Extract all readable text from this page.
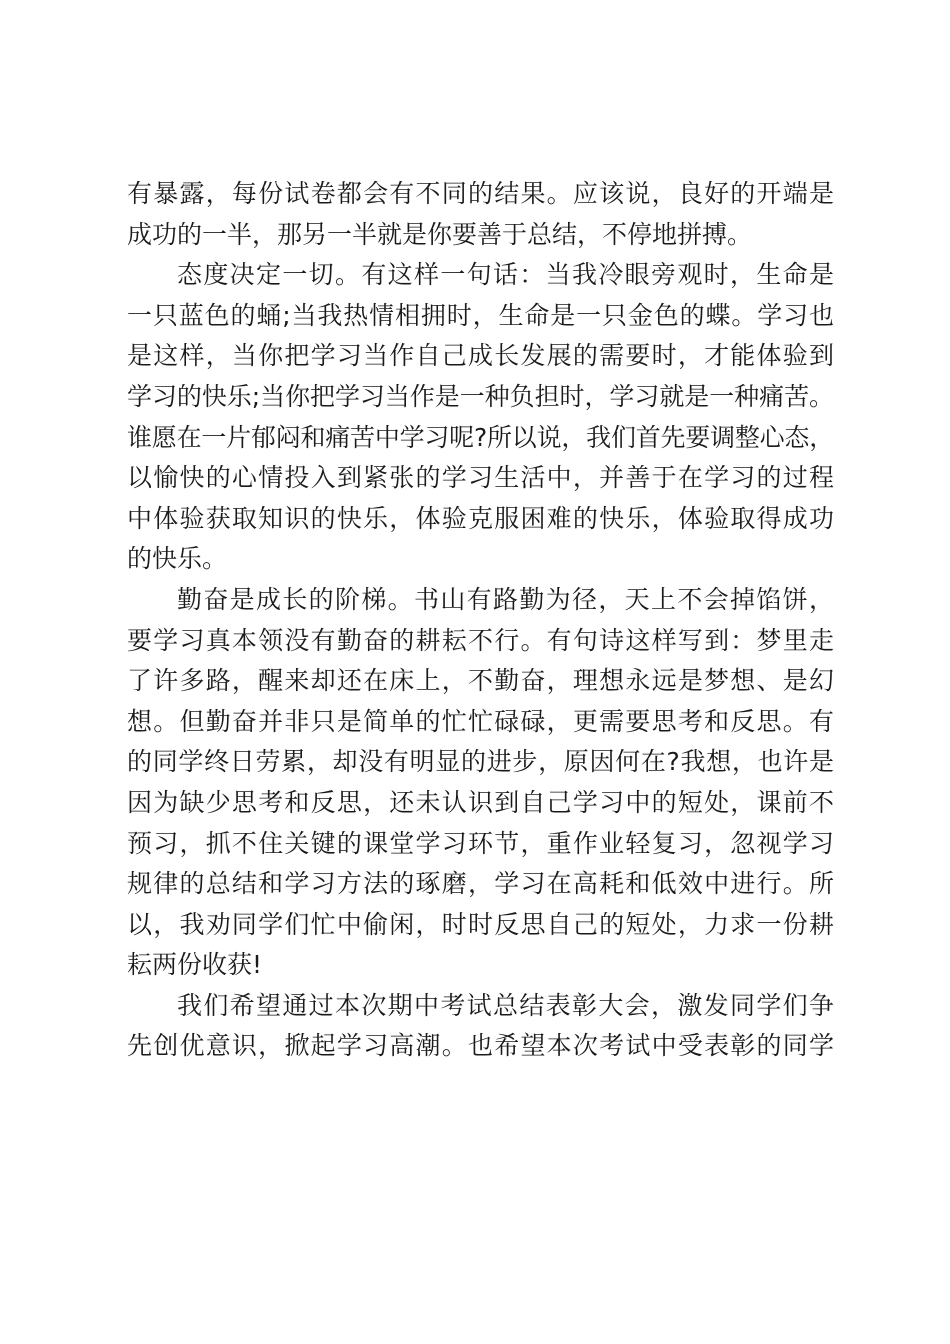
有暴露，每份试卷都会有不同的结果。应该说，良好的开端是
成功的一半，那另一半就是你要善于总结，不停地拼搏。
态度决定一切。有这样一句话：当我冷眼旁观时，生命是
一只蓝色的蛹;当我热情相拥时，生命是一只金色的蝶。学习也
是这样，当你把学习当作自己成长发展的需要时，才能体验到
学习的快乐;当你把学习当作是一种负担时，学习就是一种痛苦。
谁愿在一片郁闷和痛苦中学习呢?所以说，我们首先要调整心态，
以愉快的心情投入到紧张的学习生活中，并善于在学习的过程
中体验获取知识的快乐，体验克服困难的快乐，体验取得成功
的快乐。
勤奋是成长的阶梯。书山有路勤为径，天上不会掉馅饼，
要学习真本领没有勤奋的耕耘不行。有句诗这样写到：梦里走
了许多路，醒来却还在床上，不勤奋，理想永远是梦想、是幻
想。但勤奋并非只是简单的忙忙碌碌，更需要思考和反思。有
的同学终日劳累，却没有明显的进步，原因何在?我想，也许是
因为缺少思考和反思，还未认识到自己学习中的短处，课前不
预习，抓不住关键的课堂学习环节，重作业轻复习，忽视学习
规律的总结和学习方法的琢磨，学习在高耗和低效中进行。所
以，我劝同学们忙中偷闲，时时反思自己的短处，力求一份耕
耘两份收获!
我们希望通过本次期中考试总结表彰大会，激发同学们争
先创优意识，掀起学习高潮。也希望本次考试中受表彰的同学
